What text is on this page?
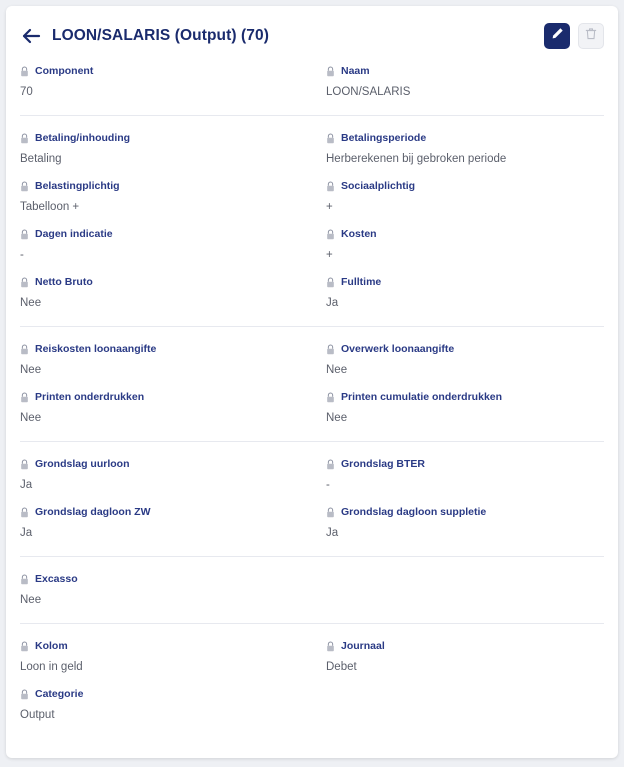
LOON/SALARIS (Output) (70)
Component
70
Naam
LOON/SALARIS
Betaling/inhouding
Betaling
Betalingsperiode
Herberekenen bij gebroken periode
Belastingplichtig
Tabelloon +
Sociaalplichtig
+
Dagen indicatie
-
Kosten
+
Netto Bruto
Nee
Fulltime
Ja
Reiskosten loonaangifte
Nee
Overwerk loonaangifte
Nee
Printen onderdrukken
Nee
Printen cumulatie onderdrukken
Nee
Grondslag uurloon
Ja
Grondslag BTER
-
Grondslag dagloon ZW
Ja
Grondslag dagloon suppletie
Ja
Excasso
Nee
Kolom
Loon in geld
Journaal
Debet
Categorie
Output
